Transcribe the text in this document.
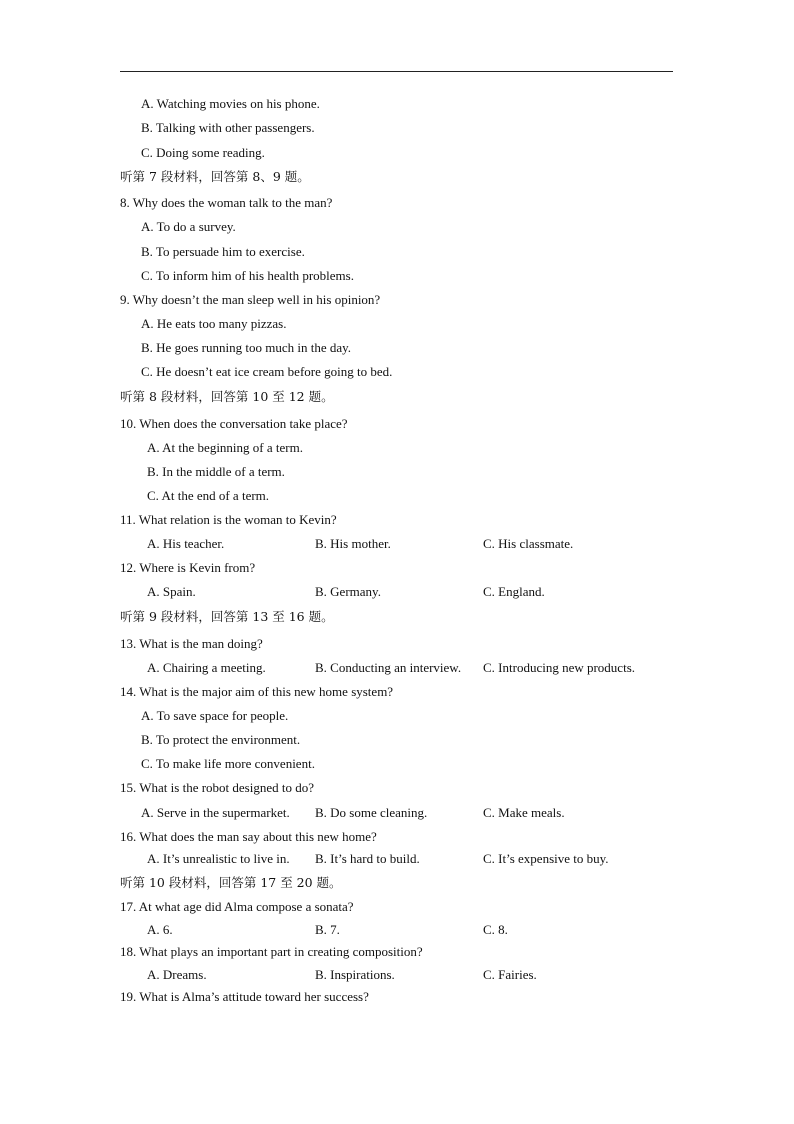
A. Watching movies on his phone.
B. Talking with other passengers.
C. Doing some reading.
听第 7 段材料，回答第 8、9 题。
8. Why does the woman talk to the man?
A. To do a survey.
B. To persuade him to exercise.
C. To inform him of his health problems.
9. Why doesn’t the man sleep well in his opinion?
A. He eats too many pizzas.
B. He goes running too much in the day.
C. He doesn’t eat ice cream before going to bed.
听第 8 段材料，回答第 10 至 12 题。
10. When does the conversation take place?
A. At the beginning of a term.
B. In the middle of a term.
C. At the end of a term.
11. What relation is the woman to Kevin?
A. His teacher.	B. His mother.	C. His classmate.
12. Where is Kevin from?
A. Spain.	B. Germany.	C. England.
听第 9 段材料，回答第 13 至 16 题。
13. What is the man doing?
A. Chairing a meeting.	B. Conducting an interview. C. Introducing new products.
14. What is the major aim of this new home system?
A. To save space for people.
B. To protect the environment.
C. To make life more convenient.
15. What is the robot designed to do?
A. Serve in the supermarket. B. Do some cleaning.	C. Make meals.
16. What does the man say about this new home?
A. It’s unrealistic to live in. B. It’s hard to build.	C. It’s expensive to buy.
听第 10 段材料，回答第 17 至 20 题。
17. At what age did Alma compose a sonata?
A. 6.	B. 7.	C. 8.
18. What plays an important part in creating composition?
A. Dreams.	B. Inspirations.	C. Fairies.
19. What is Alma’s attitude toward her success?
